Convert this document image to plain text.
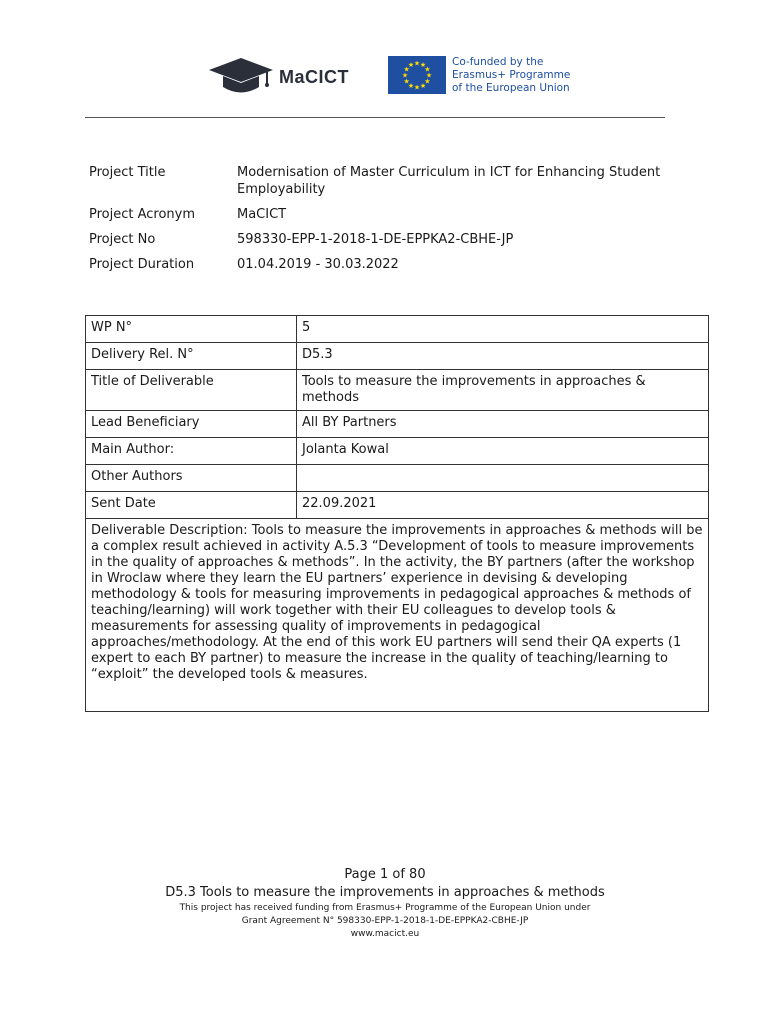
MaCICT
★ ★
★
★
★
★
★
★
★
★
★
★	Co-funded by the
Erasmus+ Programme
of the European Union
Project Title	Modernisation of Master Curriculum in ICT for Enhancing Student Employability
Project Acronym	MaCICT
Project No	598330-EPP-1-2018-1-DE-EPPKA2-CBHE-JP
Project Duration	01.04.2019 - 30.03.2022
WP N°	5
Delivery Rel. N°	D5.3
Title of Deliverable	Tools to measure the improvements in approaches & methods
Lead Beneficiary	All BY Partners
Main Author:	Jolanta Kowal
Other Authors	
Sent Date	22.09.2021
Deliverable Description: Tools to measure the improvements in approaches & methods will be a complex result achieved in activity A.5.3 “Development of tools to measure improvements in the quality of approaches & methods”. In the activity, the BY partners (after the workshop in Wroclaw where they learn the EU partners’ experience in devising & developing methodology & tools for measuring improvements in pedagogical approaches & methods of teaching/learning) will work together with their EU colleagues to develop tools & measurements for assessing quality of improvements in pedagogical approaches/methodology. At the end of this work EU partners will send their QA experts (1 expert to each BY partner) to measure the increase in the quality of teaching/learning to “exploit” the developed tools & measures.	
Page 1 of 80
D5.3 Tools to measure the improvements in approaches & methods
This project has received funding from Erasmus+ Programme of the European Union under
Grant Agreement N° 598330-EPP-1-2018-1-DE-EPPKA2-CBHE-JP
www.macict.eu
